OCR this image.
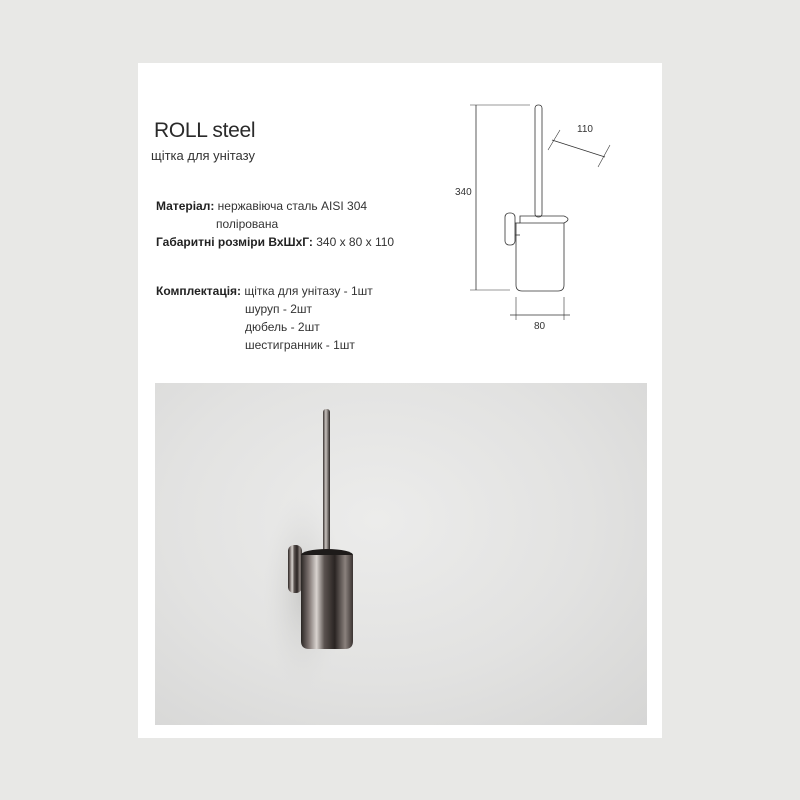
ROLL steel
щітка для унітазу
Матеріал: нержавіюча сталь AISI 304
полірована
Габаритні розміри ВхШхГ: 340 х 80 х 110
Комплектація: щітка для унітазу - 1шт
шуруп - 2шт
дюбель - 2шт
шестигранник - 1шт
340
80
110
